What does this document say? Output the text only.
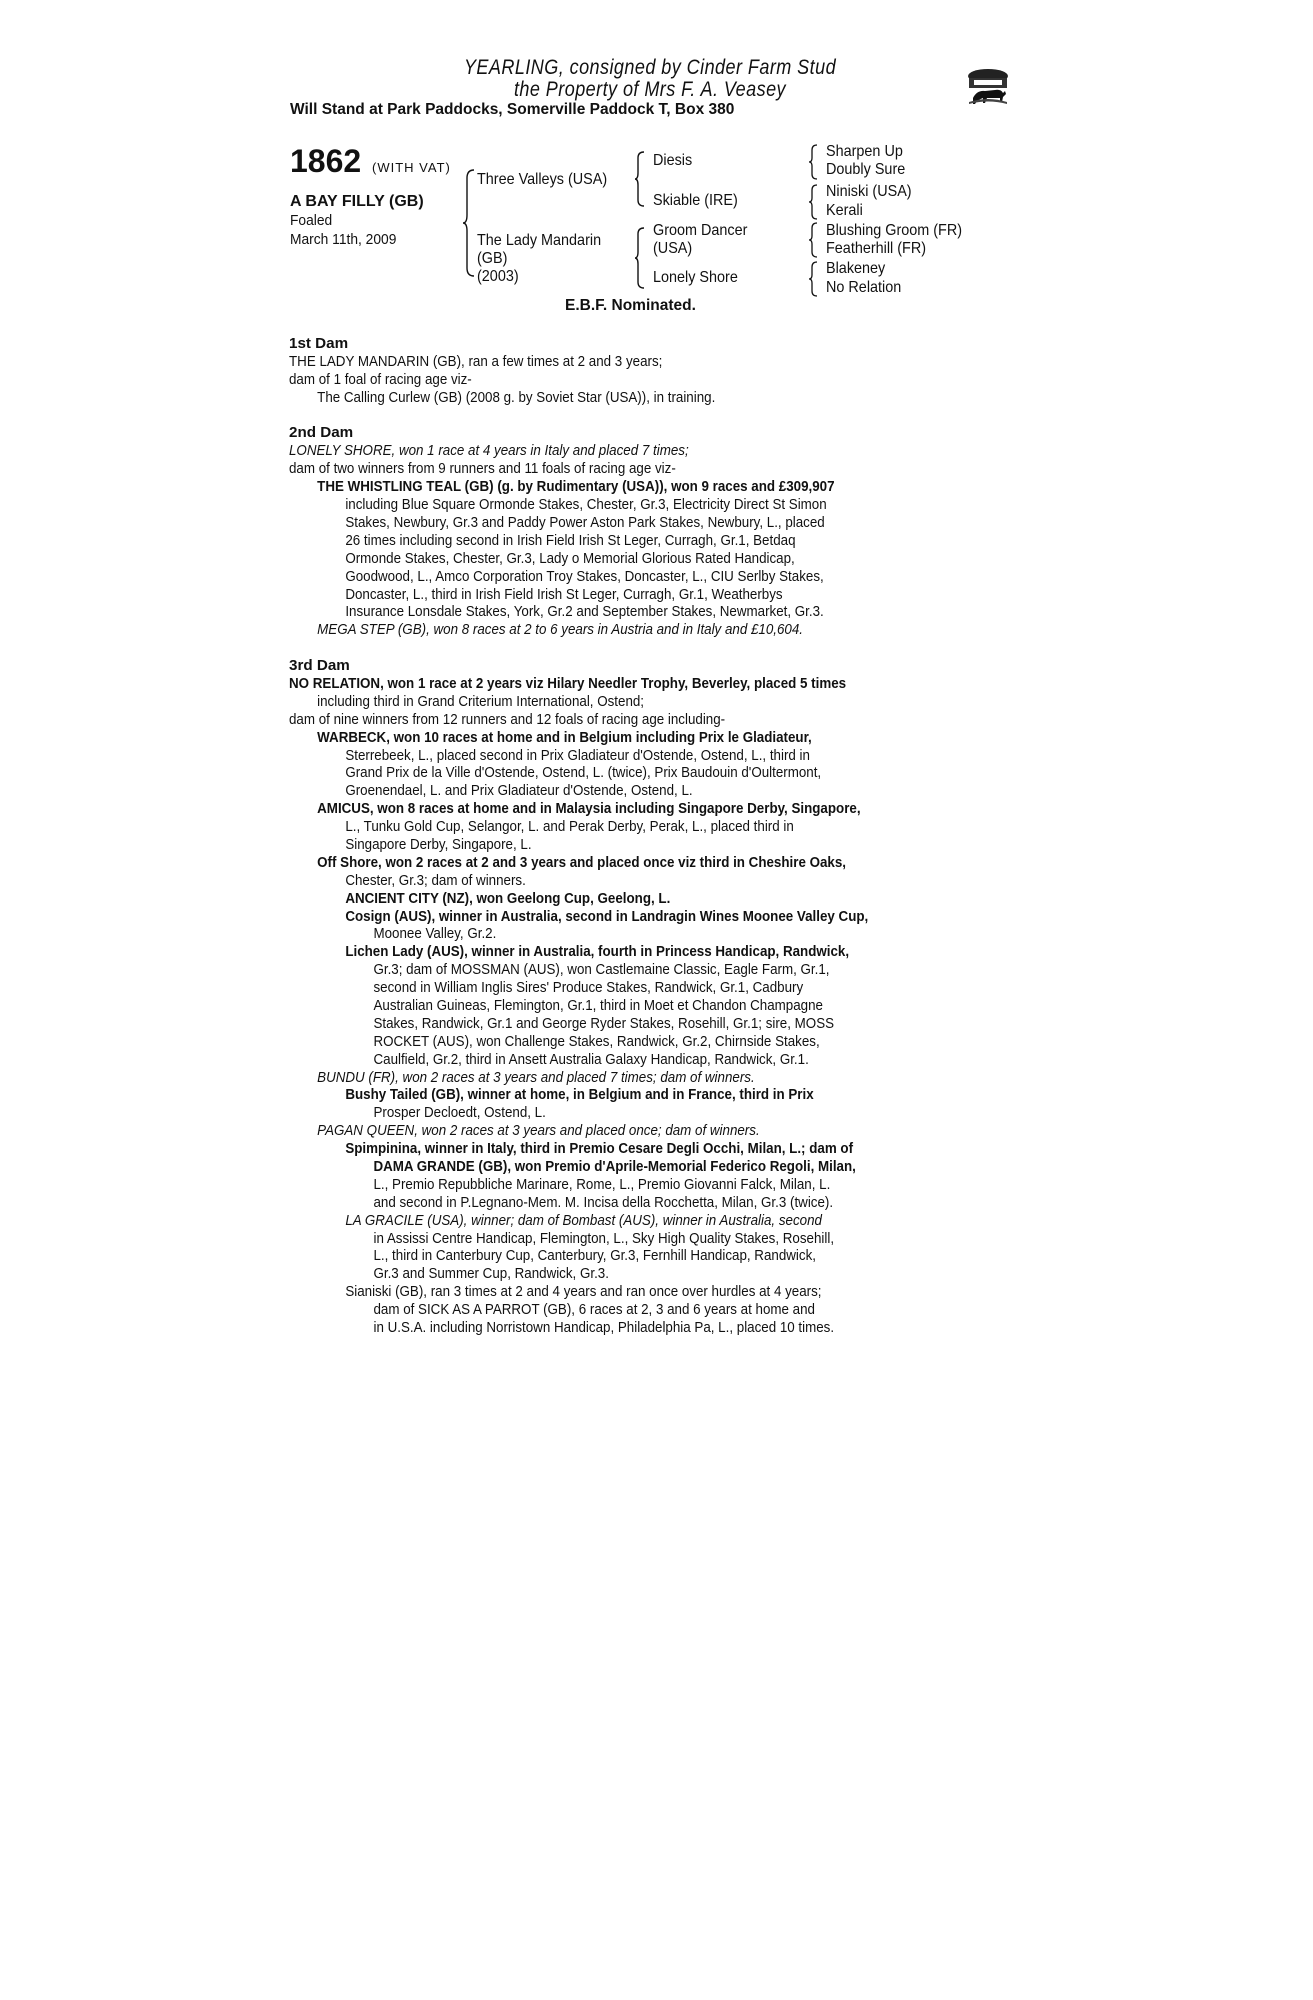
YEARLING, consigned by Cinder Farm Stud
the Property of Mrs F. A. Veasey
Will Stand at Park Paddocks, Somerville Paddock T, Box 380
1862 (WITH VAT)
A BAY FILLY (GB)
Foaled
March 11th, 2009
Three Valleys (USA)
The Lady Mandarin
(GB)
(2003)
Diesis
Skiable (IRE)
Groom Dancer
(USA)
Lonely Shore
Sharpen Up
Doubly Sure
Niniski (USA)
Kerali
Blushing Groom (FR)
Featherhill (FR)
Blakeney
No Relation
E.B.F. Nominated.
1st Dam
THE LADY MANDARIN (GB), ran a few times at 2 and 3 years;
dam of 1 foal of racing age viz-
The Calling Curlew (GB) (2008 g. by Soviet Star (USA)), in training.
2nd Dam
LONELY SHORE, won 1 race at 4 years in Italy and placed 7 times;
dam of two winners from 9 runners and 11 foals of racing age viz-
THE WHISTLING TEAL (GB) (g. by Rudimentary (USA)), won 9 races and £309,907
including Blue Square Ormonde Stakes, Chester, Gr.3, Electricity Direct St Simon
Stakes, Newbury, Gr.3 and Paddy Power Aston Park Stakes, Newbury, L., placed
26 times including second in Irish Field Irish St Leger, Curragh, Gr.1, Betdaq
Ormonde Stakes, Chester, Gr.3, Lady o Memorial Glorious Rated Handicap,
Goodwood, L., Amco Corporation Troy Stakes, Doncaster, L., CIU Serlby Stakes,
Doncaster, L., third in Irish Field Irish St Leger, Curragh, Gr.1, Weatherbys
Insurance Lonsdale Stakes, York, Gr.2 and September Stakes, Newmarket, Gr.3.
MEGA STEP (GB), won 8 races at 2 to 6 years in Austria and in Italy and £10,604.
3rd Dam
NO RELATION, won 1 race at 2 years viz Hilary Needler Trophy, Beverley, placed 5 times
including third in Grand Criterium International, Ostend;
dam of nine winners from 12 runners and 12 foals of racing age including-
WARBECK, won 10 races at home and in Belgium including Prix le Gladiateur,
Sterrebeek, L., placed second in Prix Gladiateur d'Ostende, Ostend, L., third in
Grand Prix de la Ville d'Ostende, Ostend, L. (twice), Prix Baudouin d'Oultermont,
Groenendael, L. and Prix Gladiateur d'Ostende, Ostend, L.
AMICUS, won 8 races at home and in Malaysia including Singapore Derby, Singapore,
L., Tunku Gold Cup, Selangor, L. and Perak Derby, Perak, L., placed third in
Singapore Derby, Singapore, L.
Off Shore, won 2 races at 2 and 3 years and placed once viz third in Cheshire Oaks,
Chester, Gr.3; dam of winners.
ANCIENT CITY (NZ), won Geelong Cup, Geelong, L.
Cosign (AUS), winner in Australia, second in Landragin Wines Moonee Valley Cup,
Moonee Valley, Gr.2.
Lichen Lady (AUS), winner in Australia, fourth in Princess Handicap, Randwick,
Gr.3; dam of MOSSMAN (AUS), won Castlemaine Classic, Eagle Farm, Gr.1,
second in William Inglis Sires' Produce Stakes, Randwick, Gr.1, Cadbury
Australian Guineas, Flemington, Gr.1, third in Moet et Chandon Champagne
Stakes, Randwick, Gr.1 and George Ryder Stakes, Rosehill, Gr.1; sire, MOSS
ROCKET (AUS), won Challenge Stakes, Randwick, Gr.2, Chirnside Stakes,
Caulfield, Gr.2, third in Ansett Australia Galaxy Handicap, Randwick, Gr.1.
BUNDU (FR), won 2 races at 3 years and placed 7 times; dam of winners.
Bushy Tailed (GB), winner at home, in Belgium and in France, third in Prix
Prosper Decloedt, Ostend, L.
PAGAN QUEEN, won 2 races at 3 years and placed once; dam of winners.
Spimpinina, winner in Italy, third in Premio Cesare Degli Occhi, Milan, L.; dam of
DAMA GRANDE (GB), won Premio d'Aprile-Memorial Federico Regoli, Milan,
L., Premio Repubbliche Marinare, Rome, L., Premio Giovanni Falck, Milan, L.
and second in P.Legnano-Mem. M. Incisa della Rocchetta, Milan, Gr.3 (twice).
LA GRACILE (USA), winner; dam of Bombast (AUS), winner in Australia, second
in Assissi Centre Handicap, Flemington, L., Sky High Quality Stakes, Rosehill,
L., third in Canterbury Cup, Canterbury, Gr.3, Fernhill Handicap, Randwick,
Gr.3 and Summer Cup, Randwick, Gr.3.
Sianiski (GB), ran 3 times at 2 and 4 years and ran once over hurdles at 4 years;
dam of SICK AS A PARROT (GB), 6 races at 2, 3 and 6 years at home and
in U.S.A. including Norristown Handicap, Philadelphia Pa, L., placed 10 times.
